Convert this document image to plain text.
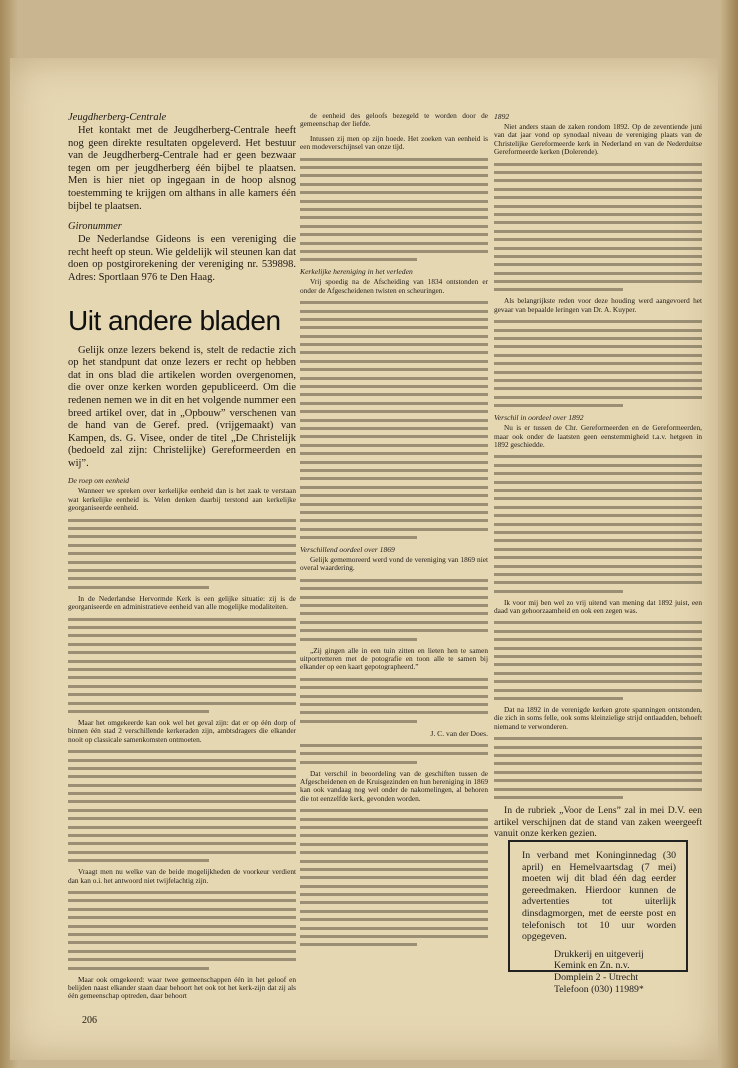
Jeugdherberg-Centrale

Het kontakt met de Jeugdherberg-Centrale heeft nog geen direkte resultaten opgeleverd. Het bestuur van de Jeugdherberg-Centrale had er geen bezwaar tegen om per jeugdherberg één bijbel te plaatsen. Men is hier niet op ingegaan in de hoop alsnog toestemming te krijgen om althans in alle kamers één bijbel te plaatsen.

Gironummer

De Nederlandse Gideons is een vereniging die recht heeft op steun. Wie geldelijk wil steunen kan dat doen op postgirorekening der vereniging nr. 539898. Adres: Sportlaan 976 te Den Haag.

Uit andere bladen

Gelijk onze lezers bekend is, stelt de redactie zich op het standpunt dat onze lezers er recht op hebben dat in ons blad die artikelen worden overgenomen, die over onze kerken worden gepubliceerd. Om die redenen nemen we in dit en het volgende nummer een breed artikel over, dat in „Opbouw” verschenen van de hand van de Geref. pred. (vrijgemaakt) van Kampen, ds. G. Visee, onder de titel „De Christelijk (bedoeld zal zijn: Christelijke) Gereformeerden en wij”.

De roep om eenheid

Wanneer we spreken over kerkelijke eenheid dan is het zaak te verstaan wat kerkelijke eenheid is. Velen denken daarbij terstond aan kerkelijke georganiseerde eenheid.

In de Nederlandse Hervormde Kerk is een gelijke situatie: zij is de georganiseerde en administratieve eenheid van alle mogelijke modaliteiten.

Maar het omgekeerde kan ook wel het geval zijn: dat er op één dorp of binnen één stad 2 verschillende kerkeraden zijn, ambtsdragers die elkander nooit op classicale samenkomsten ontmoeten.

Vraagt men nu welke van de beide mogelijkheden de voorkeur verdient dan kan o.i. het antwoord niet twijfelachtig zijn.

Maar ook omgekeerd: waar twee gemeenschappen één in het geloof en belijden naast elkander staan daar behoort het ook tot het kerk-zijn dat zij als één gemeenschap optreden, daar behoort

de eenheid des geloofs bezegeld te worden door de gemeenschap der liefde.

Intussen zij men op zijn hoede. Het zoeken van eenheid is een modeverschijnsel van onze tijd.

Kerkelijke hereniging in het verleden

Vrij spoedig na de Afscheiding van 1834 ontstonden er onder de Afgescheidenen twisten en scheuringen.

Verschillend oordeel over 1869

Gelijk gememoreerd werd vond de vereniging van 1869 niet overal waardering.

„Zij gingen alle in een tuin zitten en lieten hen te samen uitportretteren met de potografie en toon alle te samen bij elkander op een kaart gepotographeerd.”

J. C. van der Does.

Dat verschil in beoordeling van de geschiften tussen de Afgescheidenen en de Kruisgezinden en hun hereniging in 1869 kan ook vandaag nog wel onder de nakomelingen, al behoren die tot eenzelfde kerk, gevonden worden.

1892

Niet anders staan de zaken rondom 1892. Op de zeventiende juni van dat jaar vond op synodaal niveau de vereniging plaats van de Christelijke Gereformeerde kerk in Nederland en van de Nederduitse Gereformeerde kerken (Dolerende).

Als belangrijkste reden voor deze houding werd aangevoerd het gevaar van bepaalde leringen van Dr. A. Kuyper.

Verschil in oordeel over 1892

Nu is er tussen de Chr. Gereformeerden en de Gereformeerden, maar ook onder de laatsten geen eenstemmigheid t.a.v. hetgeen in 1892 geschiedde.

Ik voor mij ben wel zo vrij uitend van mening dat 1892 juist, een daad van gehoorzaamheid en ook een zegen was.

Dat na 1892 in de verenigde kerken grote spanningen ontstonden, die zich in soms felle, ook soms kleinzielige strijd ontlaadden, behoeft niemand te verwonderen.

In de rubriek „Voor de Lens” zal in mei D.V. een artikel verschijnen dat de stand van zaken weergeeft vanuit onze kerken gezien.

In verband met Koninginnedag (30 april) en Hemelvaartsdag (7 mei) moeten wij dit blad één dag eerder gereedmaken. Hierdoor kunnen de advertenties tot uiterlijk dinsdagmorgen, met de eerste post en telefonisch tot 10 uur worden opgegeven.
Drukkerij en uitgeverij
Kemink en Zn. n.v.
Domplein 2 - Utrecht
Telefoon (030) 11989*
206
